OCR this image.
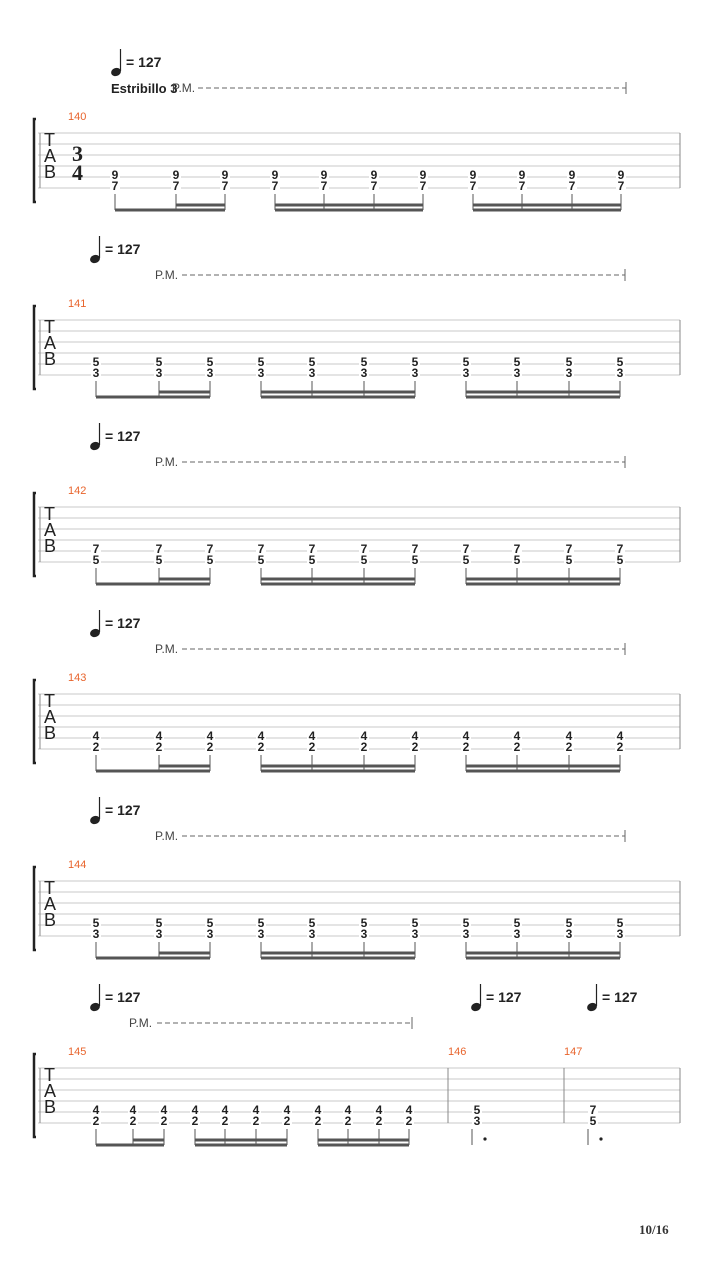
= 127
Estribillo 3
P.M.
T
A
B
3
4
140
9
7
9
7
9
7
9
7
9
7
9
7
9
7
9
7
9
7
9
7
9
7
= 127
P.M.
T
A
B
141
5
3
5
3
5
3
5
3
5
3
5
3
5
3
5
3
5
3
5
3
5
3
= 127
P.M.
T
A
B
142
7
5
7
5
7
5
7
5
7
5
7
5
7
5
7
5
7
5
7
5
7
5
= 127
P.M.
T
A
B
143
4
2
4
2
4
2
4
2
4
2
4
2
4
2
4
2
4
2
4
2
4
2
= 127
P.M.
T
A
B
144
5
3
5
3
5
3
5
3
5
3
5
3
5
3
5
3
5
3
5
3
5
3
= 127	= 127	= 127
P.M.
T
A
B
145
4
2
4
2
4
2
4
2
4
2
4
2
4
2
4
2
4
2
4
2
4
2
146
5
3
147
7
5
10/16
